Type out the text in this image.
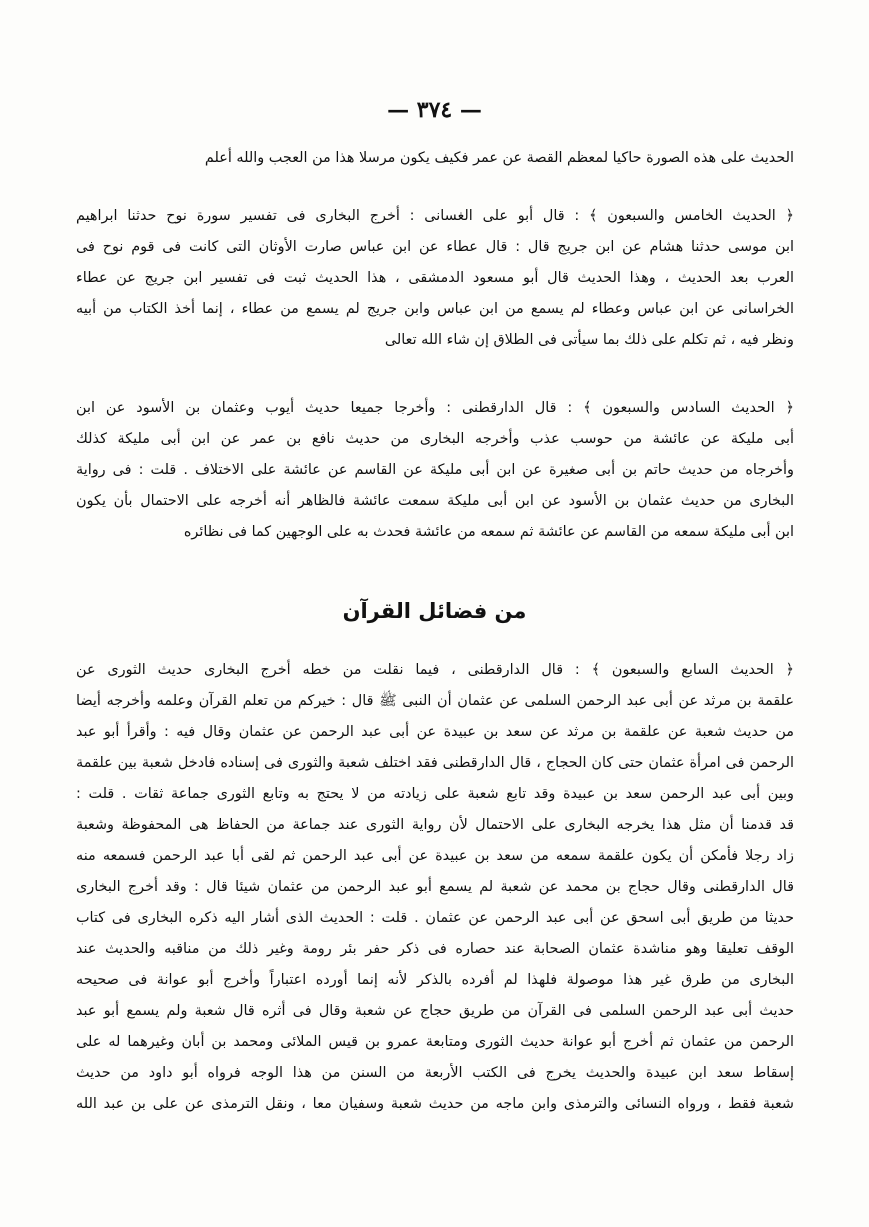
— ٣٧٤ —
الحديث على هذه الصورة حاكيا لمعظم القصة عن عمر فكيف يكون مرسلا هذا من العجب والله أعلم
﴿ الحديث الخامس والسبعون ﴾ : قال أبو على الغسانى : أخرج البخارى فى تفسير سورة نوح حدثنا ابراهيم
ابن موسى حدثنا هشام عن ابن جريج قال : قال عطاء عن ابن عباس صارت الأوثان التى كانت فى قوم نوح فى
العرب بعد الحديث ، وهذا الحديث قال أبو مسعود الدمشقى ، هذا الحديث ثبت فى تفسير ابن جريج عن عطاء
الخراسانى عن ابن عباس وعطاء لم يسمع من ابن عباس وابن جريج لم يسمع من عطاء ، إنما أخذ الكتاب من أبيه
ونظر فيه ، ثم تكلم على ذلك بما سيأتى فى الطلاق إن شاء الله تعالى
﴿ الحديث السادس والسبعون ﴾ : قال الدارقطنى : وأخرجا جميعا حديث أيوب وعثمان بن الأسود عن ابن
أبى مليكة عن عائشة من حوسب عذب وأخرجه البخارى من حديث نافع بن عمر عن ابن أبى مليكة كذلك
وأخرجاه من حديث حاتم بن أبى صغيرة عن ابن أبى مليكة عن القاسم عن عائشة على الاختلاف . قلت : فى رواية
البخارى من حديث عثمان بن الأسود عن ابن أبى مليكة سمعت عائشة فالظاهر أنه أخرجه على الاحتمال بأن يكون
ابن أبى مليكة سمعه من القاسم عن عائشة ثم سمعه من عائشة فحدث به على الوجهين كما فى نظائره
من فضائل القرآن
﴿ الحديث السابع والسبعون ﴾ : قال الدارقطنى ، فيما نقلت من خطه أخرج البخارى حديث الثورى عن
علقمة بن مرثد عن أبى عبد الرحمن السلمى عن عثمان أن النبى ﷺ قال : خيركم من تعلم القرآن وعلمه وأخرجه أيضا
من حديث شعبة عن علقمة بن مرثد عن سعد بن عبيدة عن أبى عبد الرحمن عن عثمان وقال فيه : وأقرأ أبو عبد
الرحمن فى امرأة عثمان حتى كان الحجاج ، قال الدارقطنى فقد اختلف شعبة والثورى فى إسناده فادخل شعبة بين علقمة
وبين أبى عبد الرحمن سعد بن عبيدة وقد تابع شعبة على زيادته من لا يحتج به وتابع الثورى جماعة ثقات . قلت :
قد قدمنا أن مثل هذا يخرجه البخارى على الاحتمال لأن رواية الثورى عند جماعة من الحفاظ هى المحفوظة وشعبة
زاد رجلا فأمكن أن يكون علقمة سمعه من سعد بن عبيدة عن أبى عبد الرحمن ثم لقى أبا عبد الرحمن فسمعه منه
قال الدارقطنى وقال حجاج بن محمد عن شعبة لم يسمع أبو عبد الرحمن من عثمان شيئا قال : وقد أخرج البخارى
حديثا من طريق أبى اسحق عن أبى عبد الرحمن عن عثمان . قلت : الحديث الذى أشار اليه ذكره البخارى فى كتاب
الوقف تعليقا وهو مناشدة عثمان الصحابة عند حصاره فى ذكر حفر بئر رومة وغير ذلك من مناقبه والحديث عند
البخارى من طرق غير هذا موصولة فلهذا لم أفرده بالذكر لأنه إنما أورده اعتباراً وأخرج أبو عوانة فى صحيحه
حديث أبى عبد الرحمن السلمى فى القرآن من طريق حجاج عن شعبة وقال فى أثره قال شعبة ولم يسمع أبو عبد
الرحمن من عثمان ثم أخرج أبو عوانة حديث الثورى ومتابعة عمرو بن قيس الملائى ومحمد بن أبان وغيرهما له على
إسقاط سعد ابن عبيدة والحديث يخرج فى الكتب الأربعة من السنن من هذا الوجه فرواه أبو داود من حديث
شعبة فقط ، ورواه النسائى والترمذى وابن ماجه من حديث شعبة وسفيان معا ، ونقل الترمذى عن على بن عبد الله
